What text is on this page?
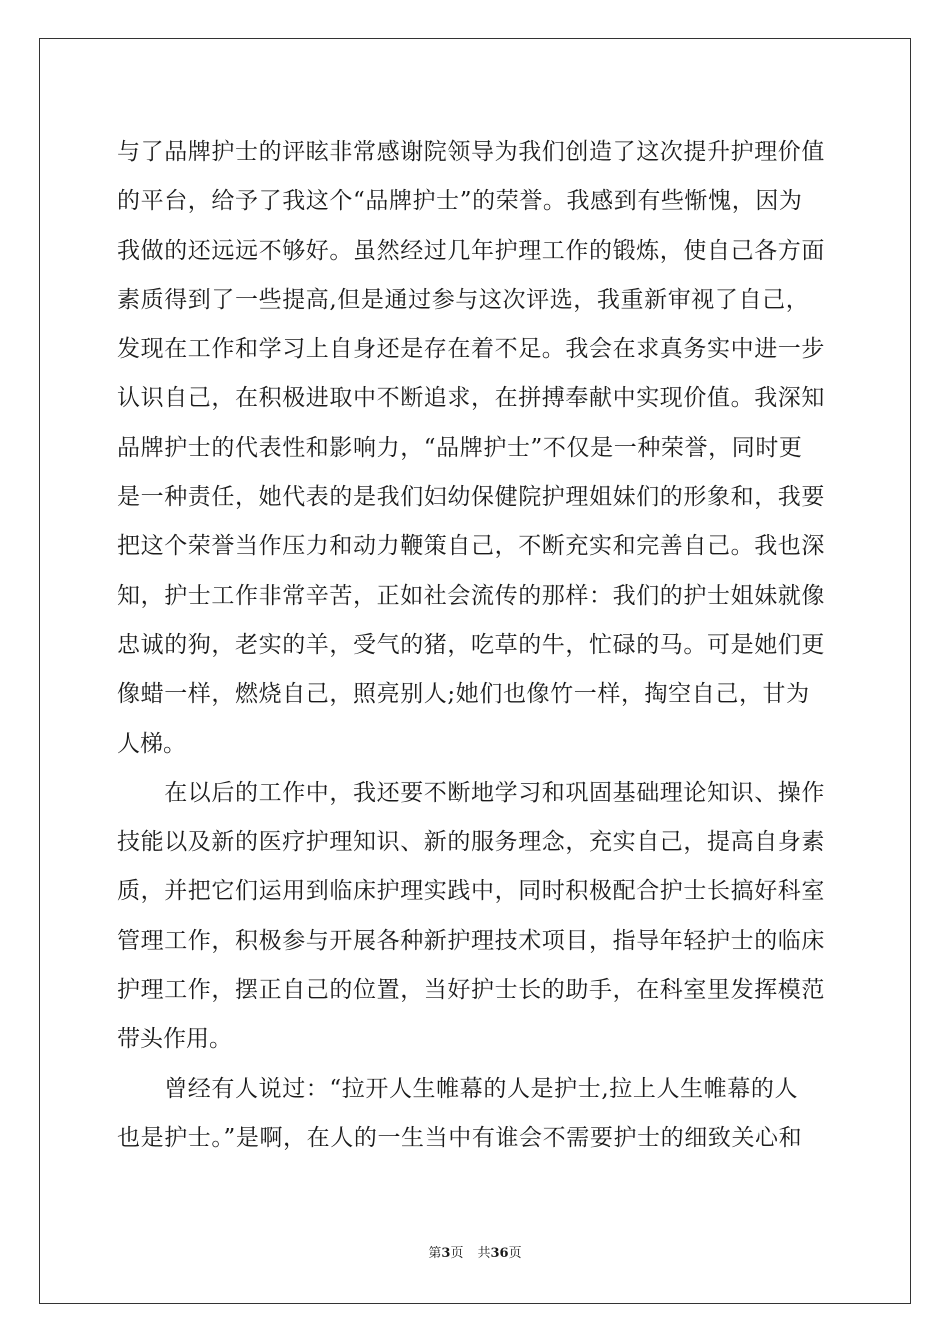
与了品牌护士的评眩非常感谢院领导为我们创造了这次提升护理价值
的平台，给予了我这个“品牌护士”的荣誉。我感到有些惭愧，因为
我做的还远远不够好。虽然经过几年护理工作的锻炼，使自己各方面
素质得到了一些提高,但是通过参与这次评选，我重新审视了自己，
发现在工作和学习上自身还是存在着不足。我会在求真务实中进一步
认识自己，在积极进取中不断追求，在拼搏奉献中实现价值。我深知
品牌护士的代表性和影响力，“品牌护士”不仅是一种荣誉，同时更
是一种责任，她代表的是我们妇幼保健院护理姐妹们的形象和，我要
把这个荣誉当作压力和动力鞭策自己，不断充实和完善自己。我也深
知，护士工作非常辛苦，正如社会流传的那样：我们的护士姐妹就像
忠诚的狗，老实的羊，受气的猪，吃草的牛，忙碌的马。可是她们更
像蜡一样，燃烧自己，照亮别人;她们也像竹一样，掏空自己，甘为
人梯。
　　在以后的工作中，我还要不断地学习和巩固基础理论知识、操作
技能以及新的医疗护理知识、新的服务理念，充实自己，提高自身素
质，并把它们运用到临床护理实践中，同时积极配合护士长搞好科室
管理工作，积极参与开展各种新护理技术项目，指导年轻护士的临床
护理工作，摆正自己的位置，当好护士长的助手，在科室里发挥模范
带头作用。
　　曾经有人说过：“拉开人生帷幕的人是护士,拉上人生帷幕的人
也是护士。”是啊，在人的一生当中有谁会不需要护士的细致关心和
第3页 共36页
